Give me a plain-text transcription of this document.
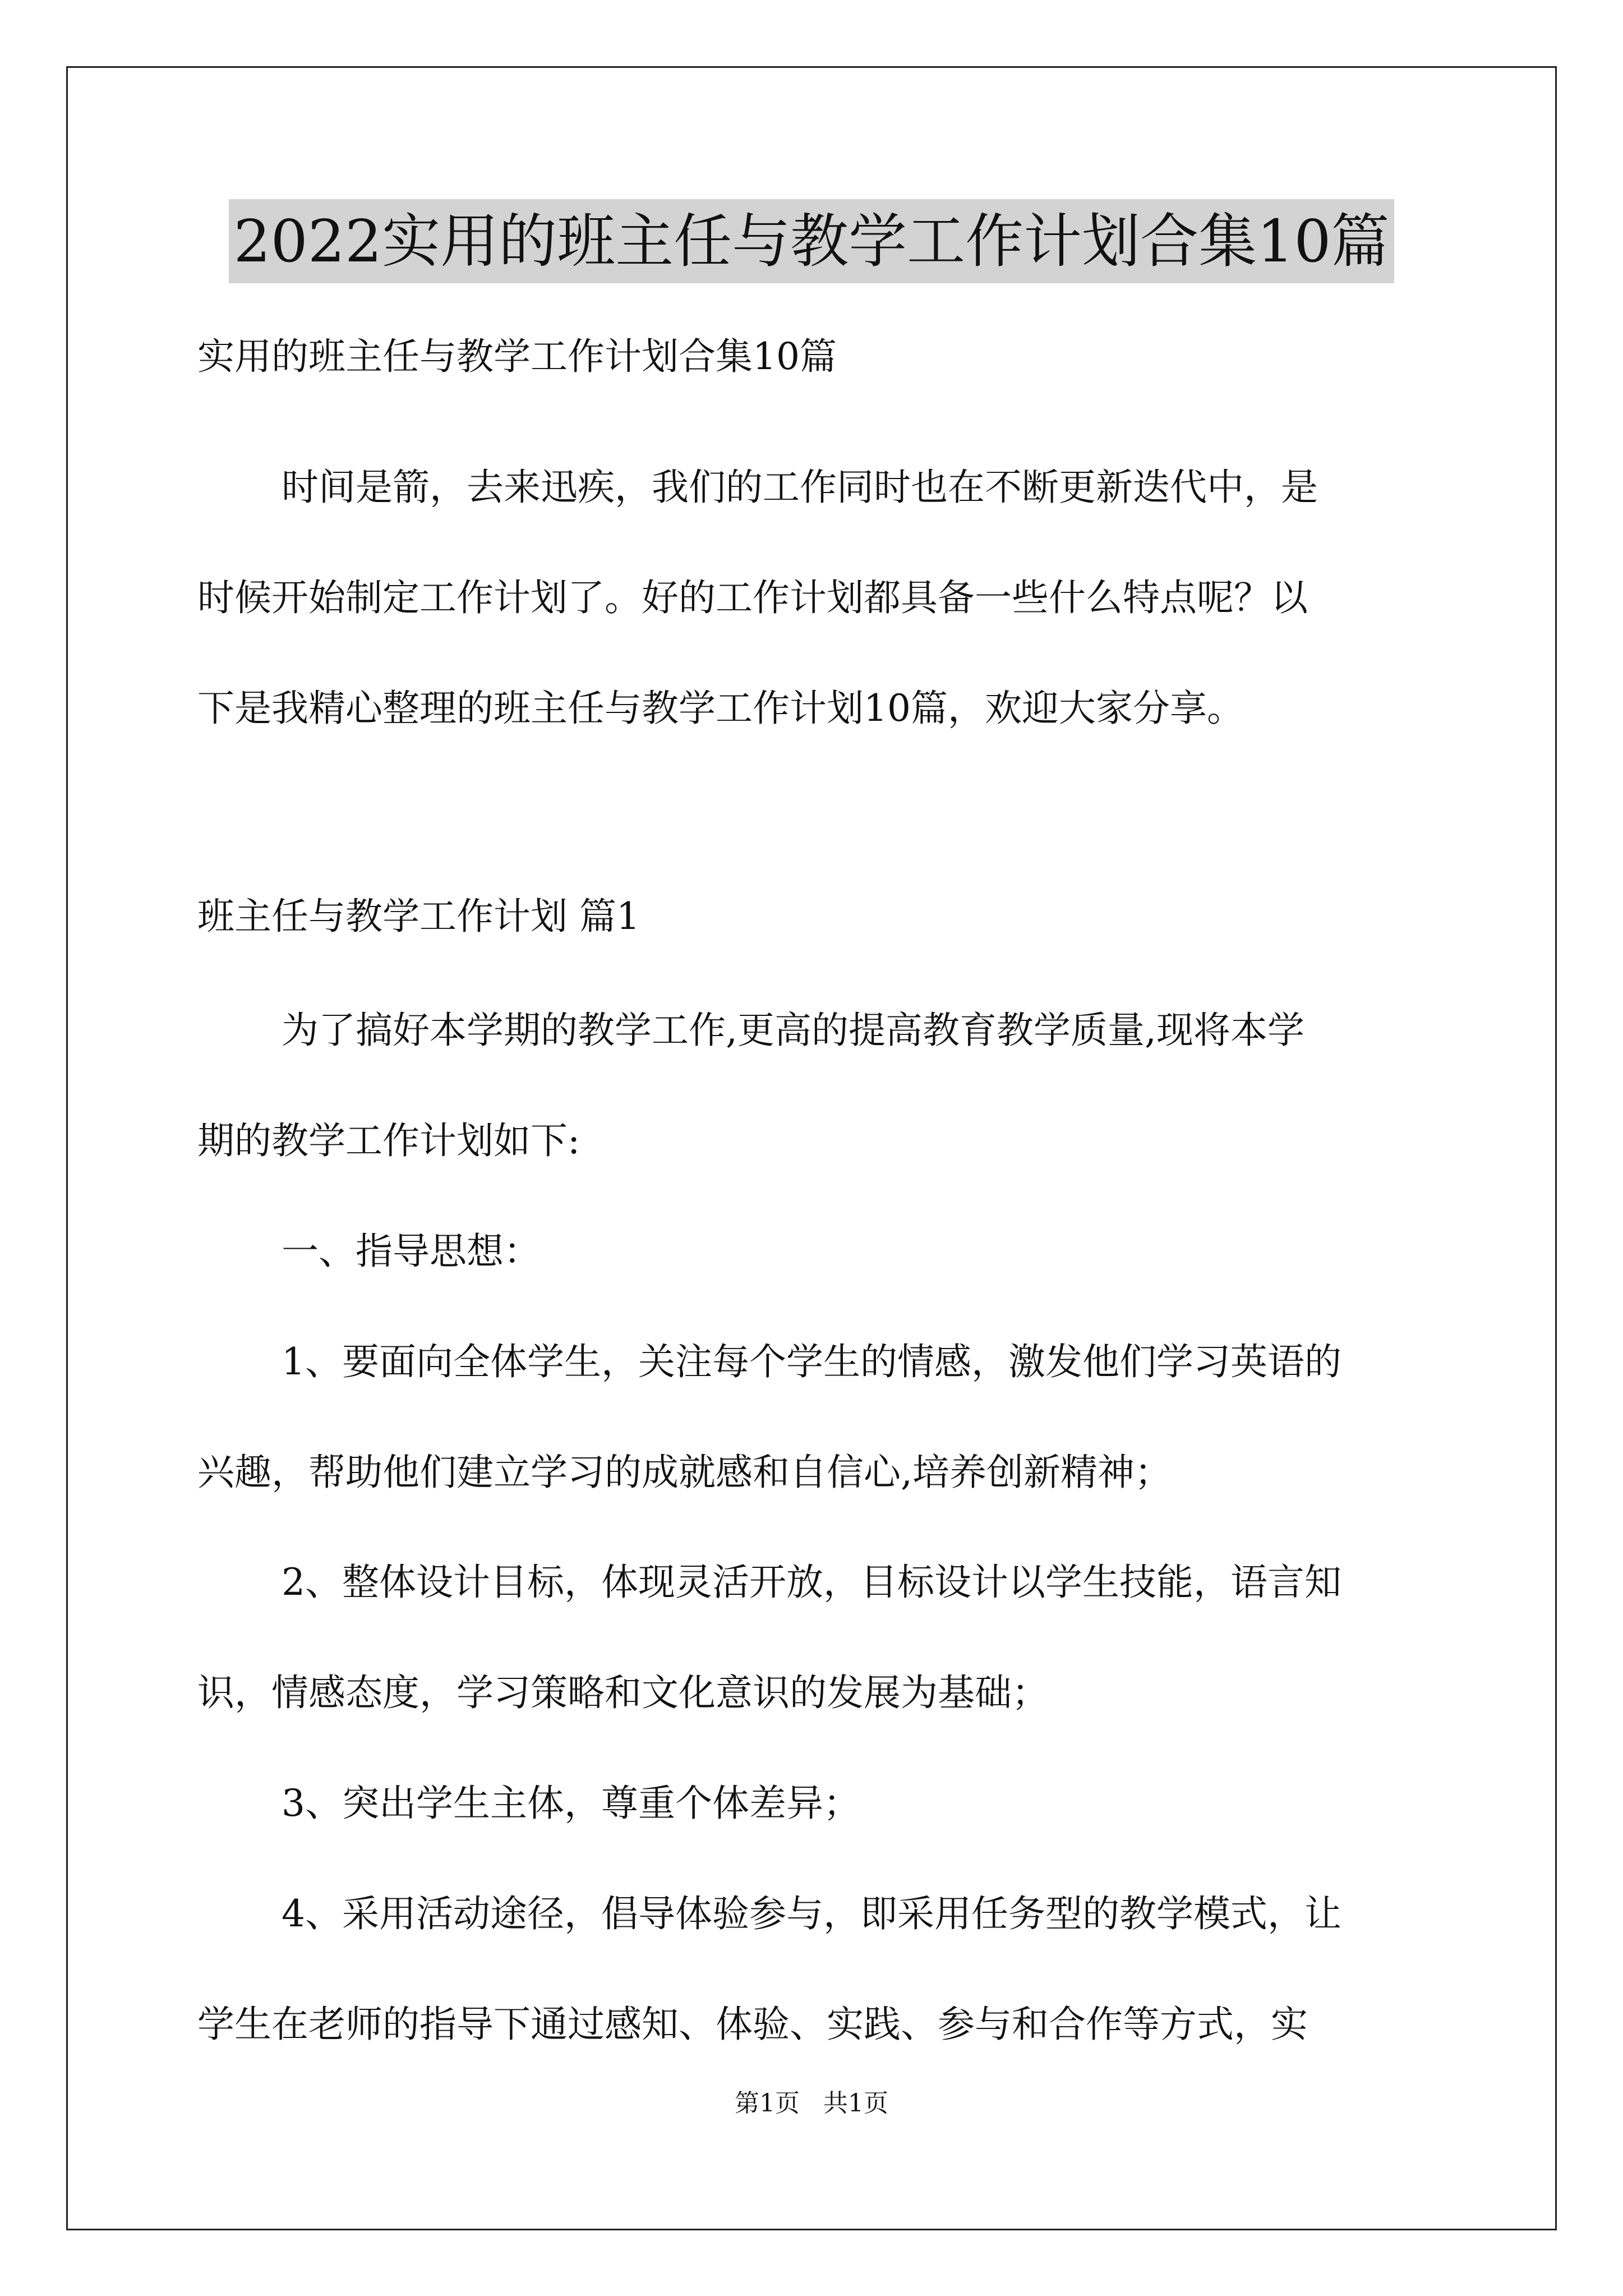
2022实用的班主任与教学工作计划合集10篇
实用的班主任与教学工作计划合集10篇
时间是箭，去来迅疾，我们的工作同时也在不断更新迭代中，是
时候开始制定工作计划了。好的工作计划都具备一些什么特点呢？以
下是我精心整理的班主任与教学工作计划10篇，欢迎大家分享。
班主任与教学工作计划 篇1
为了搞好本学期的教学工作,更高的提高教育教学质量,现将本学
期的教学工作计划如下:
一、指导思想：
1、要面向全体学生，关注每个学生的情感，激发他们学习英语的
兴趣，帮助他们建立学习的成就感和自信心,培养创新精神；
2、整体设计目标，体现灵活开放，目标设计以学生技能，语言知
识，情感态度，学习策略和文化意识的发展为基础；
3、突出学生主体，尊重个体差异；
4、采用活动途径，倡导体验参与，即采用任务型的教学模式，让
学生在老师的指导下通过感知、体验、实践、参与和合作等方式，实
第1页   共1页
